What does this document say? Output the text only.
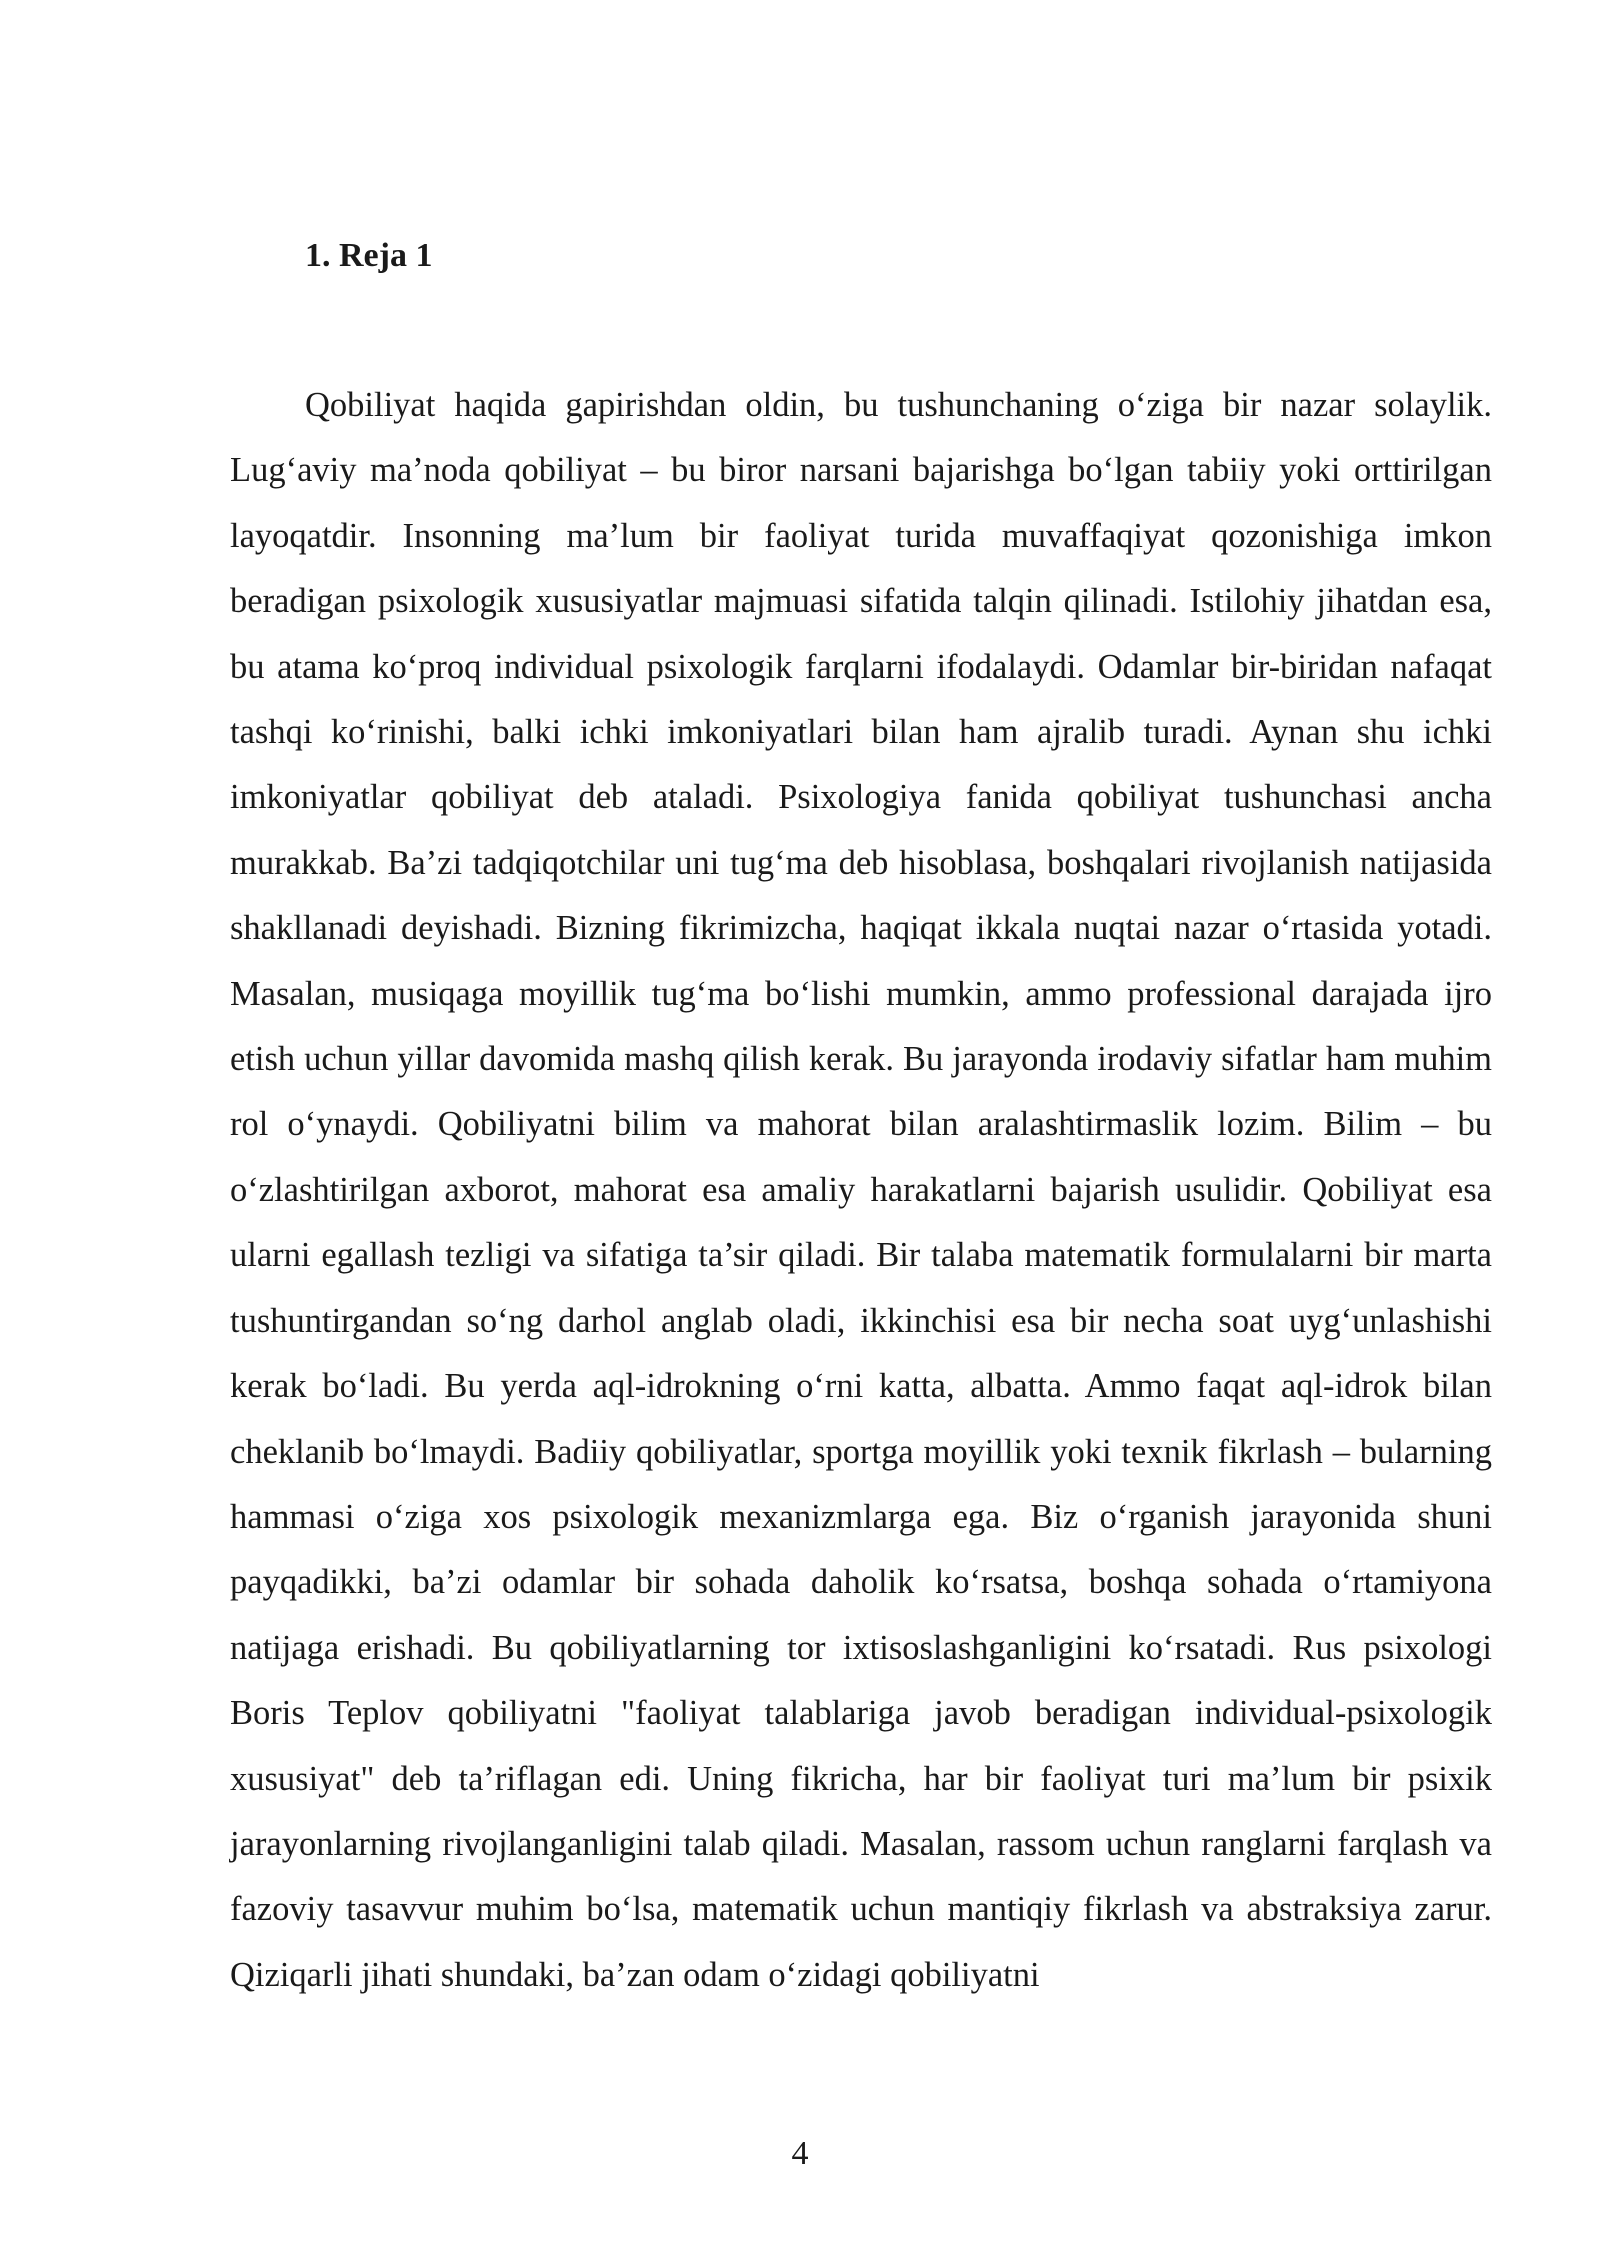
1. Reja 1

Qobiliyat haqida gapirishdan oldin, bu tushunchaning o‘ziga bir nazar solaylik. Lug‘aviy ma’noda qobiliyat – bu biror narsani bajarishga bo‘lgan tabiiy yoki orttirilgan layoqatdir. Insonning ma’lum bir faoliyat turida muvaffaqiyat qozonishiga imkon beradigan psixologik xususiyatlar majmuasi sifatida talqin qilinadi. Istilohiy jihatdan esa, bu atama ko‘proq individual psixologik farqlarni ifodalaydi. Odamlar bir-biridan nafaqat tashqi ko‘rinishi, balki ichki imkoniyatlari bilan ham ajralib turadi. Aynan shu ichki imkoniyatlar qobiliyat deb ataladi. Psixologiya fanida qobiliyat tushunchasi ancha murakkab. Ba’zi tadqiqotchilar uni tug‘ma deb hisoblasa, boshqalari rivojlanish natijasida shakllanadi deyishadi. Bizning fikrimizcha, haqiqat ikkala nuqtai nazar o‘rtasida yotadi. Masalan, musiqaga moyillik tug‘ma bo‘lishi mumkin, ammo professional darajada ijro etish uchun yillar davomida mashq qilish kerak. Bu jarayonda irodaviy sifatlar ham muhim rol o‘ynaydi. Qobiliyatni bilim va mahorat bilan aralashtirmaslik lozim. Bilim – bu o‘zlashtirilgan axborot, mahorat esa amaliy harakatlarni bajarish usulidir. Qobiliyat esa ularni egallash tezligi va sifatiga ta’sir qiladi. Bir talaba matematik formulalarni bir marta tushuntirgandan so‘ng darhol anglab oladi, ikkinchisi esa bir necha soat uyg‘unlashishi kerak bo‘ladi. Bu yerda aql-idrokning o‘rni katta, albatta. Ammo faqat aql-idrok bilan cheklanib bo‘lmaydi. Badiiy qobiliyatlar, sportga moyillik yoki texnik fikrlash – bularning hammasi o‘ziga xos psixologik mexanizmlarga ega. Biz o‘rganish jarayonida shuni payqadikki, ba’zi odamlar bir sohada daholik ko‘rsatsa, boshqa sohada o‘rtamiyona natijaga erishadi. Bu qobiliyatlarning tor ixtisoslashganligini ko‘rsatadi. Rus psixologi Boris Teplov qobiliyatni "faoliyat talablariga javob beradigan individual-psixologik xususiyat" deb ta’riflagan edi. Uning fikricha, har bir faoliyat turi ma’lum bir psixik jarayonlarning rivojlanganligini talab qiladi. Masalan, rassom uchun ranglarni farqlash va fazoviy tasavvur muhim bo‘lsa, matematik uchun mantiqiy fikrlash va abstraksiya zarur. Qiziqarli jihati shundaki, ba’zan odam o‘zidagi qobiliyatni

4
